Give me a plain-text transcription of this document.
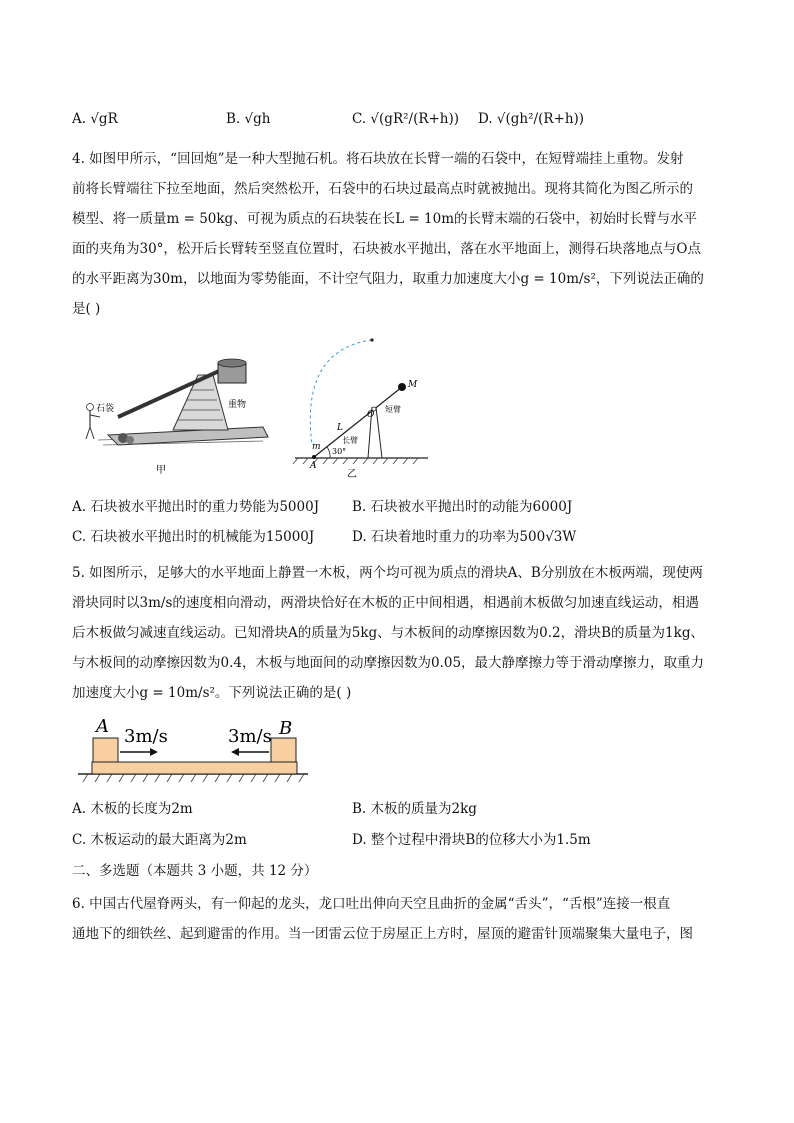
A. √gR	B. √gh	C. √(gR²/(R+h)) D. √(gh²/(R+h))
4. 如图甲所示，“回回炮”是一种大型抛石机。将石块放在长臂一端的石袋中，在短臂端挂上重物。发射
前将长臂端往下拉至地面，然后突然松开，石袋中的石块过最高点时就被抛出。现将其简化为图乙所示的
模型、将一质量m = 50kg、可视为质点的石块装在长L = 10m的长臂末端的石袋中，初始时长臂与水平
面的夹角为30°，松开后长臂转至竖直位置时，石块被水平抛出，落在水平地面上，测得石块落地点与O点
的水平距离为30m，以地面为零势能面，不计空气阻力，取重力加速度大小g = 10m/s²，下列说法正确的
是( )
石袋	重物
甲
M
O
短臂
长臂
L
m
A
30°
乙
A. 石块被水平抛出时的重力势能为5000J B. 石块被水平抛出时的动能为6000J
C. 石块被水平抛出时的机械能为15000J	D. 石块着地时重力的功率为500√3W
5. 如图所示，足够大的水平地面上静置一木板，两个均可视为质点的滑块A、B分别放在木板两端，现使两
滑块同时以3m/s的速度相向滑动，两滑块恰好在木板的正中间相遇，相遇前木板做匀加速直线运动，相遇
后木板做匀减速直线运动。已知滑块A的质量为5kg、与木板间的动摩擦因数为0.2，滑块B的质量为1kg、
与木板间的动摩擦因数为0.4，木板与地面间的动摩擦因数为0.05，最大静摩擦力等于滑动摩擦力，取重力
加速度大小g = 10m/s²。下列说法正确的是( )
A	B
3m/s	3m/s
A. 木板的长度为2m	B. 木板的质量为2kg
C. 木板运动的最大距离为2m	D. 整个过程中滑块B的位移大小为1.5m
二、多选题（本题共 3 小题，共 12 分）
6. 中国古代屋脊两头，有一仰起的龙头，龙口吐出伸向天空且曲折的金属“舌头”，“舌根”连接一根直
通地下的细铁丝、起到避雷的作用。当一团雷云位于房屋正上方时，屋顶的避雷针顶端聚集大量电子，图
